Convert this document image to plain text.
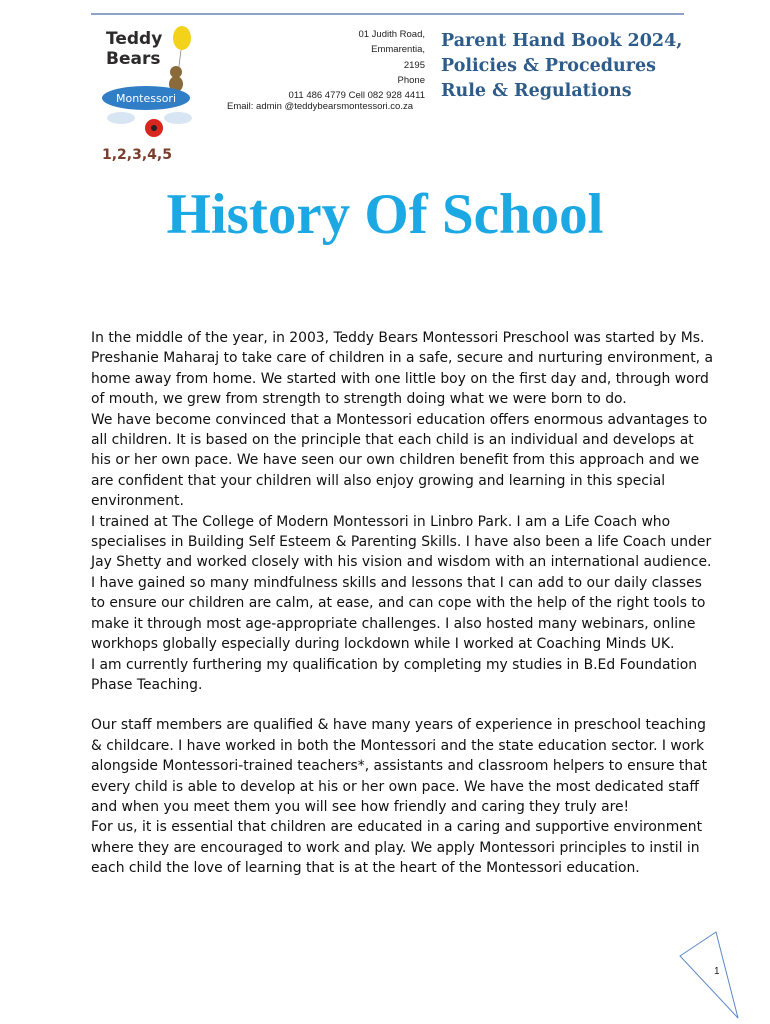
Teddy
Bears
Montessori
1,2,3,4,5
01 Judith Road,
Emmarentia,
2195
Phone
011 486 4779 Cell 082 928 4411
Email: admin @teddybearsmontessori.co.za
Parent Hand Book 2024,
Policies & Procedures
Rule & Regulations
History Of School

In the middle of the year, in 2003, Teddy Bears Montessori Preschool was started by Ms. Preshanie Maharaj to take care of children in a safe, secure and nurturing environment, a home away from home. We started with one little boy on the first day and, through word of mouth, we grew from strength to strength doing what we were born to do.

We have become convinced that a Montessori education offers enormous advantages to all children. It is based on the principle that each child is an individual and develops at his or her own pace. We have seen our own children benefit from this approach and we are confident that your children will also enjoy growing and learning in this special environment.

I trained at The College of Modern Montessori in Linbro Park. I am a Life Coach who specialises in Building Self Esteem & Parenting Skills. I have also been a life Coach under Jay Shetty and worked closely with his vision and wisdom with an international audience. I have gained so many mindfulness skills and lessons that I can add to our daily classes to ensure our children are calm, at ease, and can cope with the help of the right tools to make it through most age-appropriate challenges. I also hosted many webinars, online workhops globally especially during lockdown while I worked at Coaching Minds UK.

I am currently furthering my qualification by completing my studies in B.Ed Foundation Phase Teaching.

Our staff members are qualified & have many years of experience in preschool teaching & childcare. I have worked in both the Montessori and the state education sector. I work alongside Montessori-trained teachers*, assistants and classroom helpers to ensure that every child is able to develop at his or her own pace. We have the most dedicated staff and when you meet them you will see how friendly and caring they truly are!

For us, it is essential that children are educated in a caring and supportive environment where they are encouraged to work and play. We apply Montessori principles to instil in each child the love of learning that is at the heart of the Montessori education.

1
